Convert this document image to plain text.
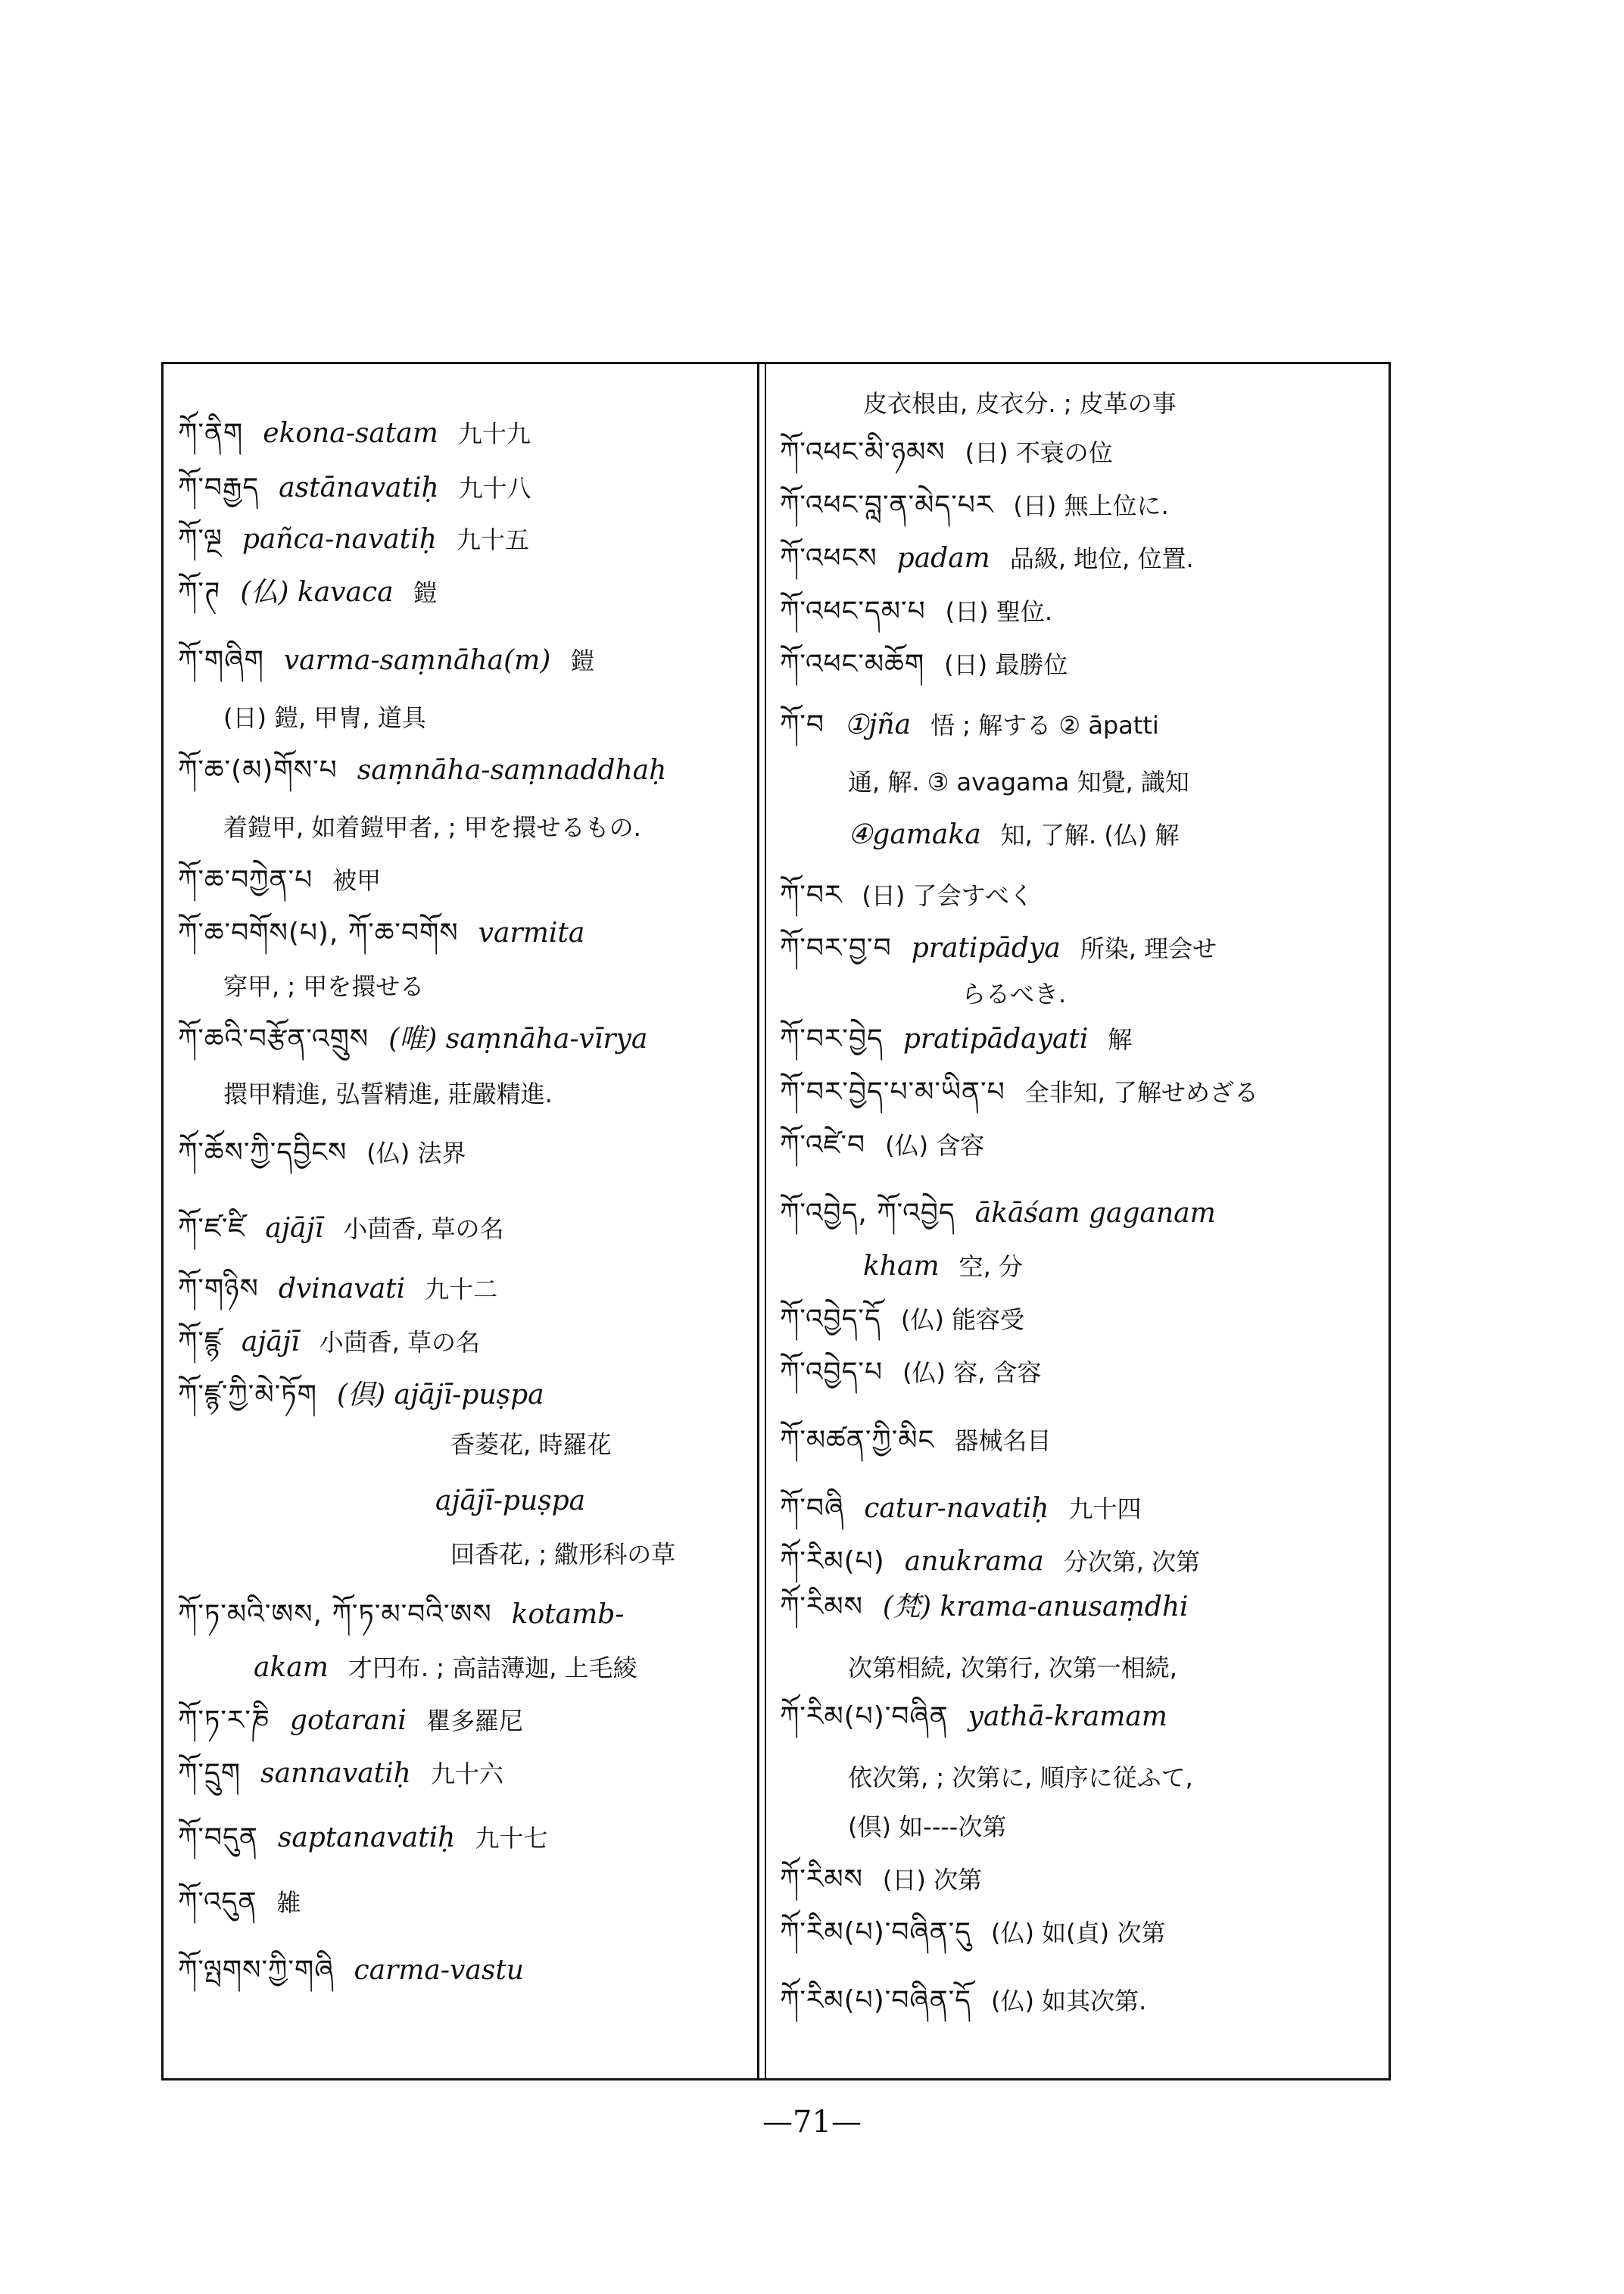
ཀོ་ནིག ekona-satam 九十九
ཀོ་བརྒྱད astānavatiḥ 九十八
ཀོ་ལྔ pañca-navatiḥ 九十五
ཀོ་ཊ (仏) kavaca 鎧
ཀོ་གཞིག varma-saṃnāha(m) 鎧
(日) 鎧, 甲冑, 道具
ཀོ་ཆ་(མ)གོས་པ saṃnāha-saṃnaddhaḥ
着鎧甲, 如着鎧甲者, ; 甲を擐せるもの.
ཀོ་ཆ་བཀྱེན་པ 被甲
ཀོ་ཆ་བགོས(པ), ཀོ་ཆ་བགོས varmita
穿甲, ; 甲を擐せる
ཀོ་ཆའི་བརྩོན་འགྲུས (唯) saṃnāha-vīrya
擐甲精進, 弘誓精進, 莊嚴精進.
ཀོ་ཆོས་ཀྱི་དབྱིངས (仏) 法界
ཀོ་ཛ་ཛི ajājī 小茴香, 草の名
ཀོ་གཉིས dvinavati 九十二
ཀོ་ཛྙ ajājī 小茴香, 草の名
ཀོ་ཛྙ་ཀྱི་མེ་ཏོག (倶) ajājī-puṣpa
香菱花, 時羅花
ajājī-puṣpa
回香花, ; 繖形科の草
ཀོ་ཏ་མའི་ཨས, ཀོ་ཏ་མ་བའི་ཨས kotamb-
akam 才円布. ; 高詰薄迦, 上毛綾
ཀོ་ཏ་ར་ཎི gotarani 瞿多羅尼
ཀོ་དྲུག sannavatiḥ 九十六
ཀོ་བདུན saptanavatiḥ 九十七
ཀོ་འདུན 雑
ཀོ་ལྤགས་ཀྱི་གཞི carma-vastu
皮衣根由, 皮衣分. ; 皮革の事
ཀོ་འཕང་མི་ཉམས (日) 不衰の位
ཀོ་འཕང་བླ་ན་མེད་པར (日) 無上位に.
ཀོ་འཕངས padam 品級, 地位, 位置.
ཀོ་འཕང་དམ་པ (日) 聖位.
ཀོ་འཕང་མཆོག (日) 最勝位
ཀོ་བ ①jña 悟 ; 解する ② āpatti
通, 解. ③ avagama 知覺, 識知
④gamaka 知, 了解. (仏) 解
ཀོ་བར (日) 了会すべく
ཀོ་བར་བྱ་བ pratipādya 所染, 理会せ
らるべき.
ཀོ་བར་བྱེད pratipādayati 解
ཀོ་བར་བྱེད་པ་མ་ཡིན་པ 全非知, 了解せめざる
ཀོ་འཛེ་བ (仏) 含容
ཀོ་འབྱེད, ཀོ་འབྱེད ākāśam gaganam
kham 空, 分
ཀོ་འབྱེད་དོ (仏) 能容受
ཀོ་འབྱེད་པ (仏) 容, 含容
ཀོ་མཚན་ཀྱི་མིང 器械名目
ཀོ་བཞི catur-navatiḥ 九十四
ཀོ་རིམ(པ) anukrama 分次第, 次第
ཀོ་རིམས (梵) krama-anusaṃdhi
次第相続, 次第行, 次第一相続,
ཀོ་རིམ(པ)་བཞིན yathā-kramam
依次第, ; 次第に, 順序に従ふて,
(倶) 如----次第
ཀོ་རིམས (日) 次第
ཀོ་རིམ(པ)་བཞིན་དུ (仏) 如(貞) 次第
ཀོ་རིམ(པ)་བཞིན་དོ (仏) 如其次第.
—71—
